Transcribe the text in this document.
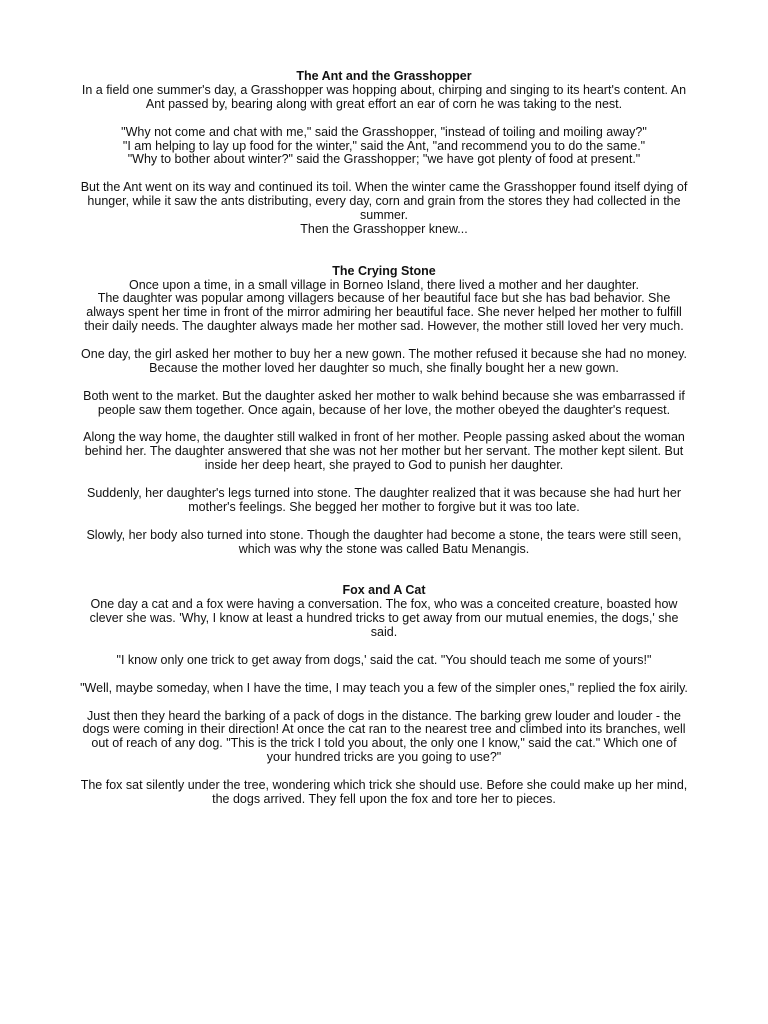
The Ant and the Grasshopper

In a field one summer's day, a Grasshopper was hopping about, chirping and singing to its heart's content. An Ant passed by, bearing along with great effort an ear of corn he was taking to the nest.

"Why not come and chat with me," said the Grasshopper, "instead of toiling and moiling away?"
"I am helping to lay up food for the winter," said the Ant, "and recommend you to do the same."
"Why to bother about winter?" said the Grasshopper; "we have got plenty of food at present."

But the Ant went on its way and continued its toil. When the winter came the Grasshopper found itself dying of hunger, while it saw the ants distributing, every day, corn and grain from the stores they had collected in the summer.
Then the Grasshopper knew...

The Crying Stone

Once upon a time, in a small village in Borneo Island, there lived a mother and her daughter.
The daughter was popular among villagers because of her beautiful face but she has bad behavior. She always spent her time in front of the mirror admiring her beautiful face. She never helped her mother to fulfill their daily needs. The daughter always made her mother sad. However, the mother still loved her very much.

One day, the girl asked her mother to buy her a new gown. The mother refused it because she had no money. Because the mother loved her daughter so much, she finally bought her a new gown.

Both went to the market. But the daughter asked her mother to walk behind because she was embarrassed if people saw them together. Once again, because of her love, the mother obeyed the daughter's request.

Along the way home, the daughter still walked in front of her mother. People passing asked about the woman behind her. The daughter answered that she was not her mother but her servant. The mother kept silent. But inside her deep heart, she prayed to God to punish her daughter.

Suddenly, her daughter's legs turned into stone. The daughter realized that it was because she had hurt her mother's feelings. She begged her mother to forgive but it was too late.

Slowly, her body also turned into stone. Though the daughter had become a stone, the tears were still seen, which was why the stone was called Batu Menangis.

Fox and A Cat

One day a cat and a fox were having a conversation. The fox, who was a conceited creature, boasted how clever she was. 'Why, I know at least a hundred tricks to get away from our mutual enemies, the dogs,' she said.

"I know only one trick to get away from dogs,' said the cat. "You should teach me some of yours!"

"Well, maybe someday, when I have the time, I may teach you a few of the simpler ones," replied the fox airily.

Just then they heard the barking of a pack of dogs in the distance. The barking grew louder and louder - the dogs were coming in their direction! At once the cat ran to the nearest tree and climbed into its branches, well out of reach of any dog. "This is the trick I told you about, the only one I know," said the cat." Which one of your hundred tricks are you going to use?"

The fox sat silently under the tree, wondering which trick she should use. Before she could make up her mind, the dogs arrived. They fell upon the fox and tore her to pieces.
